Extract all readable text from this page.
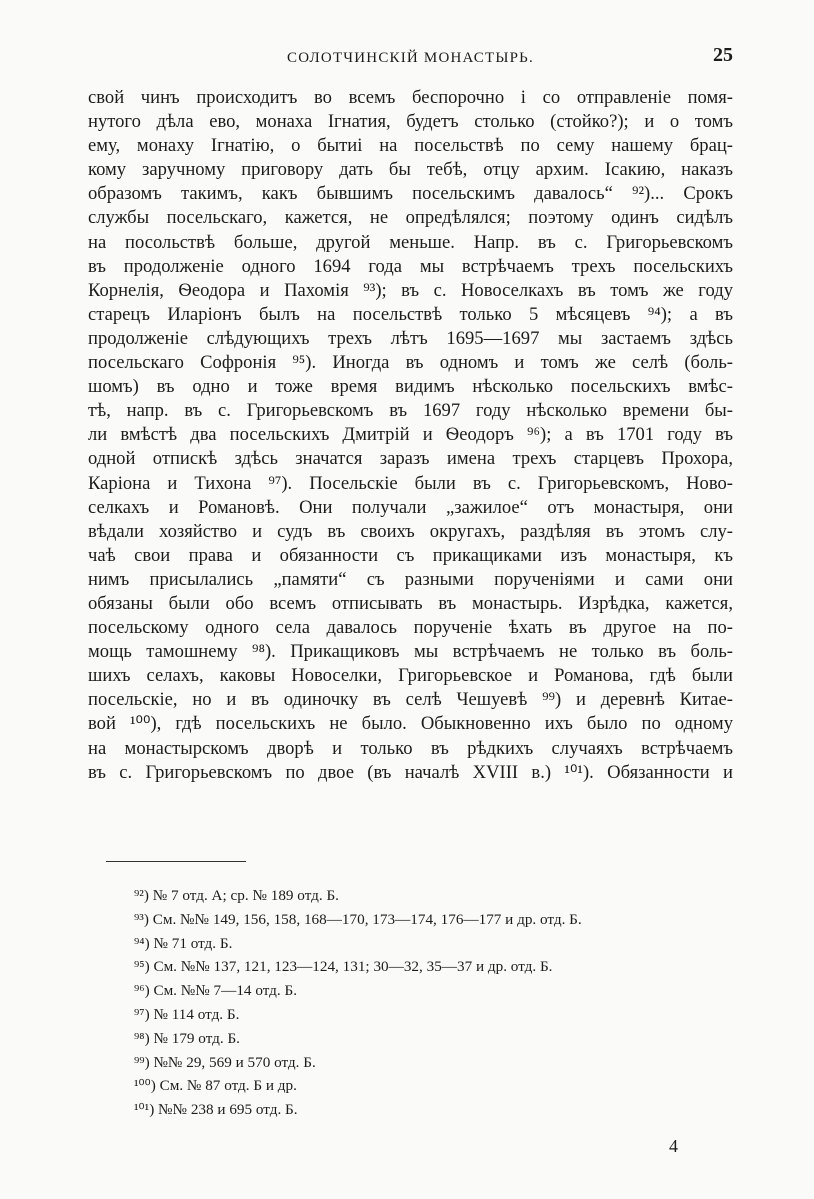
СОЛОТЧИНСКІЙ МОНАСТЫРЬ.	25
свой чинъ происходитъ во всемъ беспорочно і со отправленіе помя-
нутого дѣла ево, монаха Ігнатия, будетъ столько (стойко?); и о томъ
ему, монаху Ігнатію, о бытиі на посельствѣ по сему нашему брац-
кому заручному приговору дать бы тебѣ, отцу архим. Ісакию, наказъ
образомъ такимъ, какъ бывшимъ посельскимъ давалось“ ⁹²)... Срокъ
службы посельскаго, кажется, не опредѣлялся; поэтому одинъ сидѣлъ
на посольствѣ больше, другой меньше. Напр. въ с. Григорьевскомъ
въ продолженіе одного 1694 года мы встрѣчаемъ трехъ посельскихъ
Корнелія, Ѳеодора и Пахомія ⁹³); въ с. Новоселкахъ въ томъ же году
старецъ Иларіонъ былъ на посельствѣ только 5 мѣсяцевъ ⁹⁴); а въ
продолженіе слѣдующихъ трехъ лѣтъ 1695—1697 мы застаемъ здѣсь
посельскаго Софронія ⁹⁵). Иногда въ одномъ и томъ же селѣ (боль-
шомъ) въ одно и тоже время видимъ нѣсколько посельскихъ вмѣс-
тѣ, напр. въ с. Григорьевскомъ въ 1697 году нѣсколько времени бы-
ли вмѣстѣ два посельскихъ Дмитрій и Ѳеодоръ ⁹⁶); а въ 1701 году въ
одной отпискѣ здѣсь значатся заразъ имена трехъ старцевъ Прохора,
Каріона и Тихона ⁹⁷). Посельскіе были въ с. Григорьевскомъ, Ново-
селкахъ и Романовѣ. Они получали „зажилое“ отъ монастыря, они
вѣдали хозяйство и судъ въ своихъ округахъ, раздѣляя въ этомъ слу-
чаѣ свои права и обязанности съ прикащиками изъ монастыря, къ
нимъ присылались „памяти“ съ разными порученіями и сами они
обязаны были обо всемъ отписывать въ монастырь. Изрѣдка, кажется,
посельскому одного села давалось порученіе ѣхать въ другое на по-
мощь тамошнему ⁹⁸). Прикащиковъ мы встрѣчаемъ не только въ боль-
шихъ селахъ, каковы Новоселки, Григорьевское и Романова, гдѣ были
посельскіе, но и въ одиночку въ селѣ Чешуевѣ ⁹⁹) и деревнѣ Китае-
вой ¹⁰⁰), гдѣ посельскихъ не было. Обыкновенно ихъ было по одному
на монастырскомъ дворѣ и только въ рѣдкихъ случаяхъ встрѣчаемъ
въ с. Григорьевскомъ по двое (въ началѣ XVIII в.) ¹⁰¹). Обязанности и
⁹²) № 7 отд. А; ср. № 189 отд. Б.
⁹³) См. №№ 149, 156, 158, 168—170, 173—174, 176—177 и др. отд. Б.
⁹⁴) № 71 отд. Б.
⁹⁵) См. №№ 137, 121, 123—124, 131; 30—32, 35—37 и др. отд. Б.
⁹⁶) См. №№ 7—14 отд. Б.
⁹⁷) № 114 отд. Б.
⁹⁸) № 179 отд. Б.
⁹⁹) №№ 29, 569 и 570 отд. Б.
¹⁰⁰) См. № 87 отд. Б и др.
¹⁰¹) №№ 238 и 695 отд. Б.
4
